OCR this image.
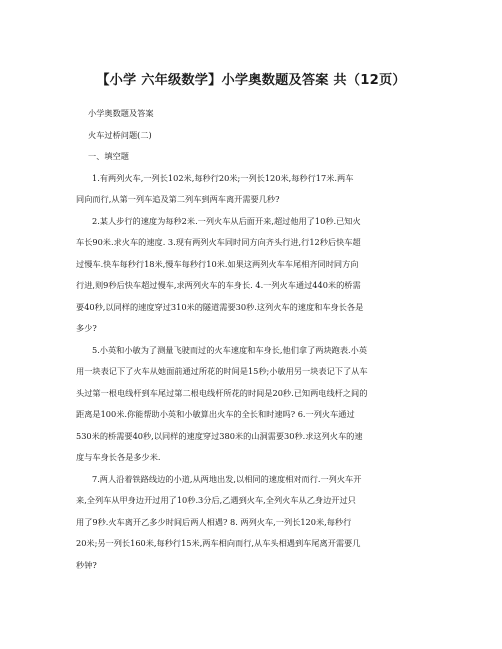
【小学 六年级数学】小学奥数题及答案 共（12页）
小学奥数题及答案
火车过桥问题(二)
一、填空题
1.有两列火车,一列长102米,每秒行20米;一列长120米,每秒行17米.两车
同向而行,从第一列车追及第二列车到两车离开需要几秒?
2.某人步行的速度为每秒2米.一列火车从后面开来,超过他用了10秒.已知火
车长90米.求火车的速度. 3.现有两列火车同时同方向齐头行进,行12秒后快车超
过慢车.快车每秒行18米,慢车每秒行10米.如果这两列火车车尾相齐同时同方向
行进,则9秒后快车超过慢车,求两列火车的车身长. 4.一列火车通过440米的桥需
要40秒,以同样的速度穿过310米的隧道需要30秒.这列火车的速度和车身长各是
多少?
5.小英和小敏为了测量飞驶而过的火车速度和车身长,他们拿了两块跑表.小英
用一块表记下了火车从她面前通过所花的时间是15秒;小敏用另一块表记下了从车
头过第一根电线杆到车尾过第二根电线杆所花的时间是20秒.已知两电线杆之间的
距离是100米.你能帮助小英和小敏算出火车的全长和时速吗? 6.一列火车通过
530米的桥需要40秒,以同样的速度穿过380米的山洞需要30秒.求这列火车的速
度与车身长各是多少米.
7.两人沿着铁路线边的小道,从两地出发,以相同的速度相对而行.一列火车开
来,全列车从甲身边开过用了10秒.3分后,乙遇到火车,全列火车从乙身边开过只
用了9秒.火车离开乙多少时间后两人相遇? 8. 两列火车,一列长120米,每秒行
20米;另一列长160米,每秒行15米,两车相向而行,从车头相遇到车尾离开需要几
秒钟?
